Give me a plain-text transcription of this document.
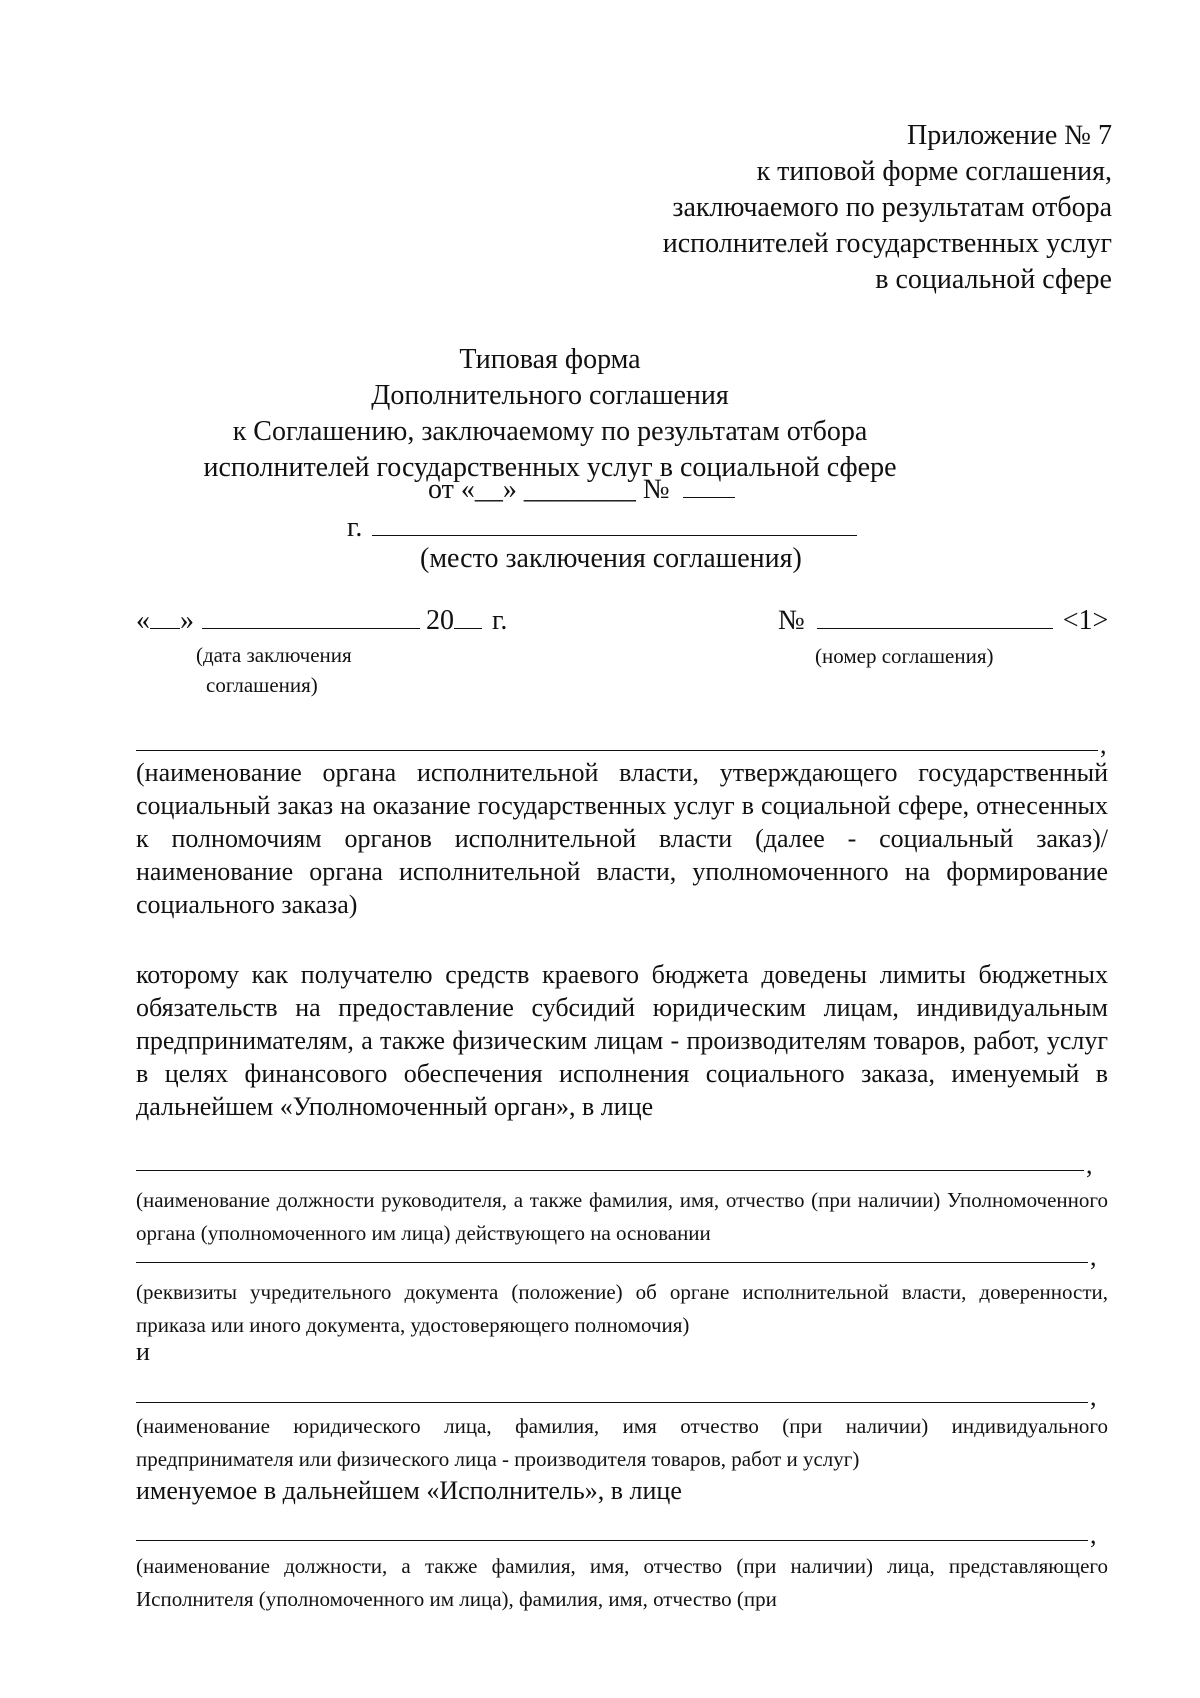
Приложение № 7
к типовой форме соглашения,
заключаемого по результатам отбора
исполнителей государственных услуг
в социальной сфере
Типовая форма
Дополнительного соглашения
к Соглашению, заключаемому по результатам отбора
исполнителей государственных услуг в социальной сфере
от «__» ________ №
г.
(место заключения соглашения)
« »	20 г.	№	<1>
(дата заключения
соглашения)
(номер соглашения)
,
(наименование органа исполнительной власти, утверждающего государственный социальный заказ на оказание государственных услуг в социальной сфере, отнесенных к полномочиям органов исполнительной власти (далее - социальный заказ)/наименование органа исполнительной власти, уполномоченного на формирование социального заказа)
которому как получателю средств краевого бюджета доведены лимиты бюджетных обязательств на предоставление субсидий юридическим лицам, индивидуальным предпринимателям, а также физическим лицам - производителям товаров, работ, услуг в целях финансового обеспечения исполнения социального заказа, именуемый в дальнейшем «Уполномоченный орган», в лице
,
(наименование должности руководителя, а также фамилия, имя, отчество (при наличии) Уполномоченного органа (уполномоченного им лица) действующего на основании
,
(реквизиты учредительного документа (положение) об органе исполнительной власти, доверенности, приказа или иного документа, удостоверяющего полномочия)
и
,
(наименование юридического лица, фамилия, имя отчество (при наличии) индивидуального предпринимателя или физического лица - производителя товаров, работ и услуг)
именуемое в дальнейшем «Исполнитель», в лице
,
(наименование должности, а также фамилия, имя, отчество (при наличии) лица, представляющего Исполнителя (уполномоченного им лица), фамилия, имя, отчество (при
